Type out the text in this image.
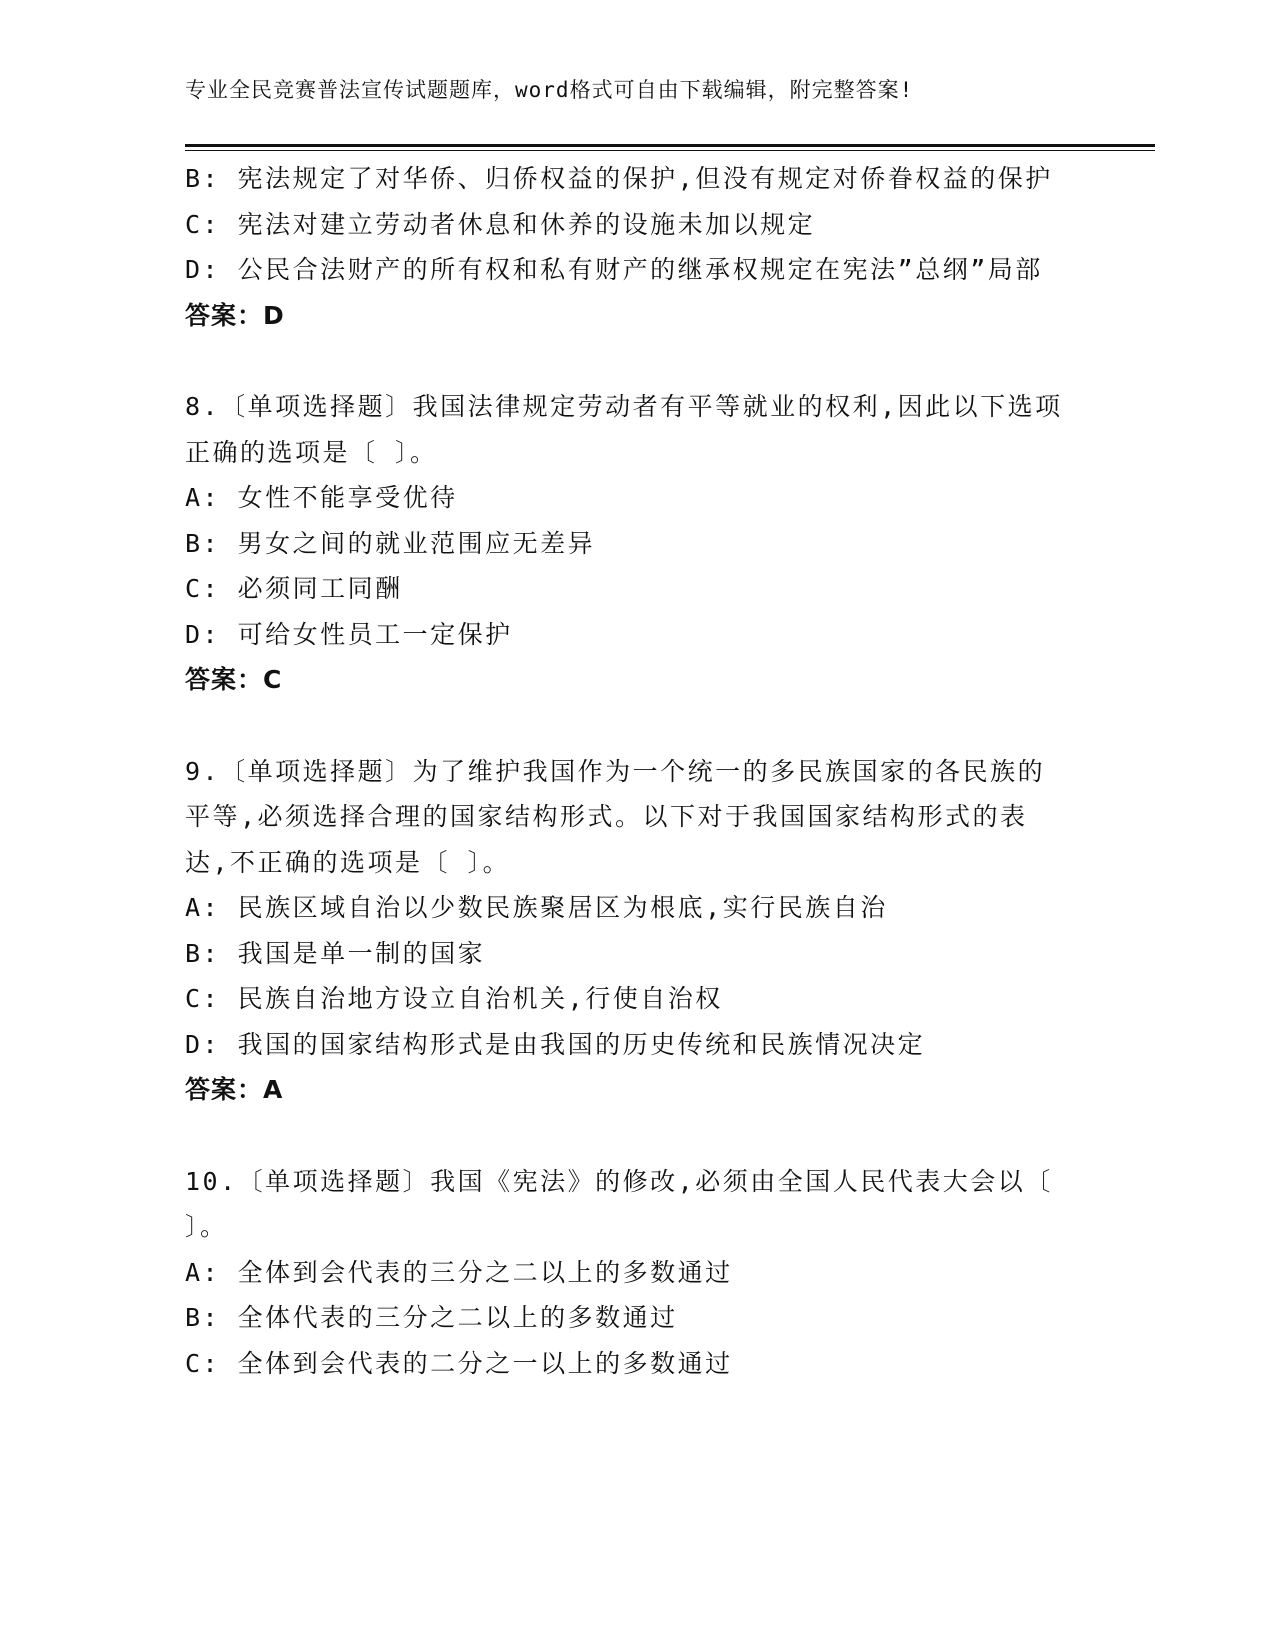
专业全民竞赛普法宣传试题题库，word格式可自由下载编辑，附完整答案!

B: 宪法规定了对华侨、归侨权益的保护,但没有规定对侨眷权益的保护

C: 宪法对建立劳动者休息和休养的设施未加以规定

D: 公民合法财产的所有权和私有财产的继承权规定在宪法”总纲”局部

答案：D

8.〔单项选择题〕我国法律规定劳动者有平等就业的权利,因此以下选项正确的选项是〔 〕。

A: 女性不能享受优待

B: 男女之间的就业范围应无差异

C: 必须同工同酬

D: 可给女性员工一定保护

答案：C

9.〔单项选择题〕为了维护我国作为一个统一的多民族国家的各民族的平等,必须选择合理的国家结构形式。以下对于我国国家结构形式的表达,不正确的选项是〔 〕。

A: 民族区域自治以少数民族聚居区为根底,实行民族自治

B: 我国是单一制的国家

C: 民族自治地方设立自治机关,行使自治权

D: 我国的国家结构形式是由我国的历史传统和民族情况决定

答案：A

10.〔单项选择题〕我国《宪法》的修改,必须由全国人民代表大会以〔 〕。

A: 全体到会代表的三分之二以上的多数通过

B: 全体代表的三分之二以上的多数通过

C: 全体到会代表的二分之一以上的多数通过
